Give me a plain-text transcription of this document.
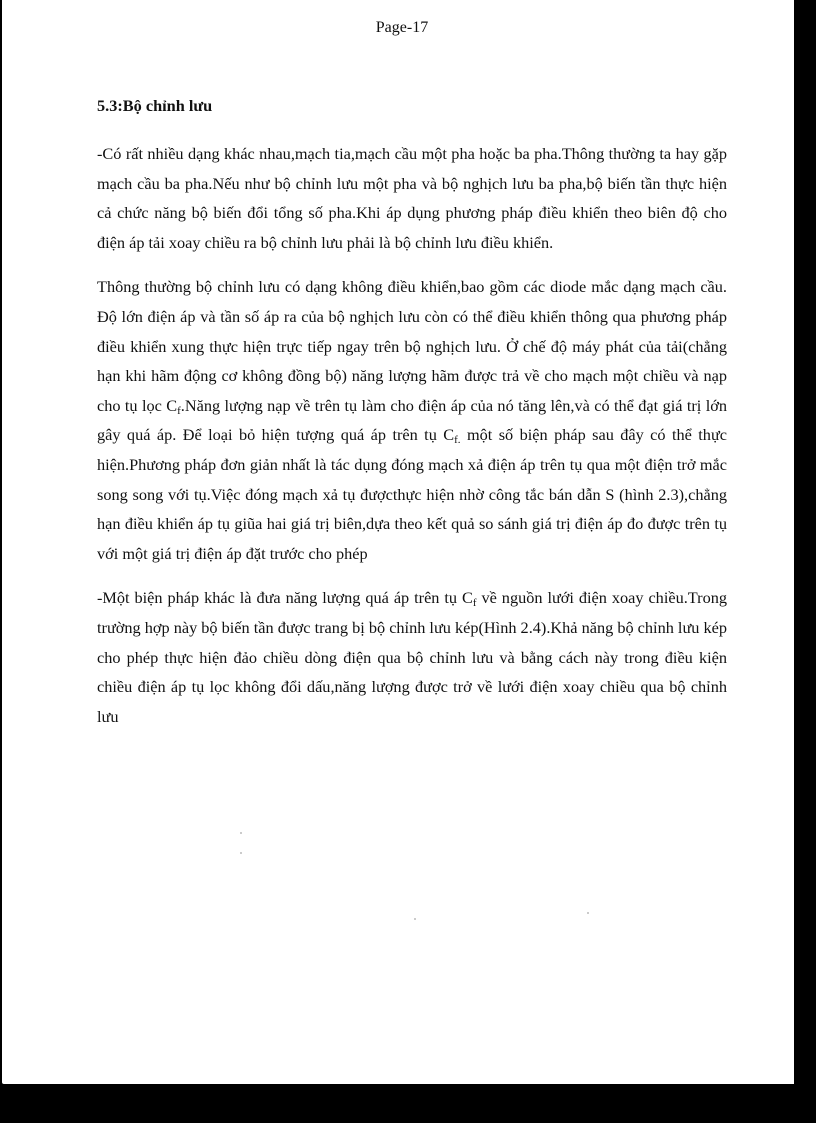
Page-17
5.3:Bộ chỉnh lưu

-Có rất nhiều dạng khác nhau,mạch tia,mạch cầu một pha hoặc ba pha.Thông thường ta hay gặp mạch cầu ba pha.Nếu như bộ chỉnh lưu một pha và bộ nghịch lưu ba pha,bộ biến tần thực hiện cả chức năng bộ biến đổi tổng số pha.Khi áp dụng phương pháp điều khiển theo biên độ cho điện áp tải xoay chiều ra bộ chỉnh lưu phải là bộ chỉnh lưu điều khiển.

Thông thường bộ chỉnh lưu có dạng không điều khiển,bao gồm các diode mắc dạng mạch cầu. Độ lớn điện áp và tần số áp ra của bộ nghịch lưu còn có thể điều khiển thông qua phương pháp điều khiển xung thực hiện trực tiếp ngay trên bộ nghịch lưu. Ở chế độ máy phát của tải(chẳng hạn khi hãm động cơ không đồng bộ) năng lượng hãm được trả về cho mạch một chiều và nạp cho tụ lọc $C_f.Năng$ lượng nạp về trên tụ làm cho điện áp của nó tăng lên,và có thể đạt giá trị lớn gây quá áp. Để loại bỏ hiện tượng quá áp trên tụ $C_{f.}$ một số biện pháp sau đây có thể thực hiện.Phương pháp đơn giản nhất là tác dụng đóng mạch xả điện áp trên tụ qua một điện trở mắc song song với tụ.Việc đóng mạch xả tụ đượcthực hiện nhờ công tắc bán dẫn S (hình 2.3),chẳng hạn điều khiển áp tụ giũa hai giá trị biên,dựa theo kết quả so sánh giá trị điện áp đo được trên tụ với một giá trị điện áp đặt trước cho phép

-Một biện pháp khác là đưa năng lượng quá áp trên tụ $C_f$ về nguồn lưới điện xoay chiều.Trong trường hợp này bộ biến tần được trang bị bộ chỉnh lưu kép(Hình 2.4).Khả năng bộ chỉnh lưu kép cho phép thực hiện đảo chiều dòng điện qua bộ chỉnh lưu và bằng cách này trong điều kiện chiều điện áp tụ lọc không đổi dấu,năng lượng được trở về lưới điện xoay chiều qua bộ chỉnh lưu
